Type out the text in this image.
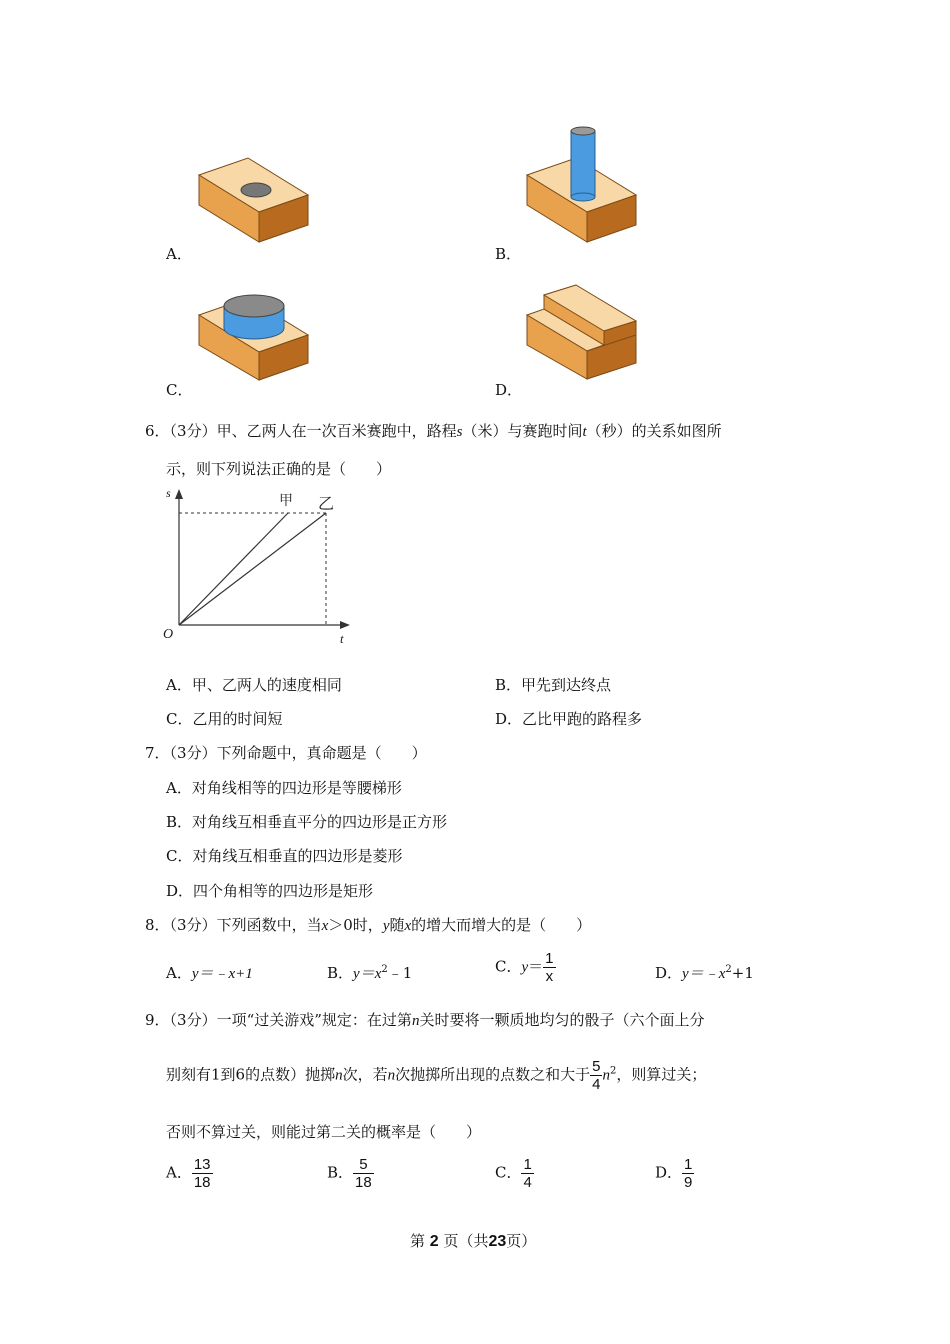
A．	B．
C．	D．
6．（3分）甲、乙两人在一次百米赛跑中，路程s（米）与赛跑时间t（秒）的关系如图所
示，则下列说法正确的是（　　）
s
t
O
甲 乙
A．甲、乙两人的速度相同	B．甲先到达终点
C．乙用的时间短	D．乙比甲跑的路程多
7．（3分）下列命题中，真命题是（　　）
A．对角线相等的四边形是等腰梯形
B．对角线互相垂直平分的四边形是正方形
C．对角线互相垂直的四边形是菱形
D．四个角相等的四边形是矩形
8．（3分）下列函数中，当x＞0时，y随x的增大而增大的是（　　）
A．y＝﹣x+1	B．$y=x^2﹣1$	C．$y= \frac{1}{x}$	D．$y=﹣x^2+1$
9．（3分）一项“过关游戏”规定：在过第n关时要将一颗质地均匀的骰子（六个面上分
别刻有1到6的点数）抛掷n次，若n次抛掷所出现的点数之和大于 $\frac{5}{4} n^2$，则算过关；
否则不算过关，则能过第二关的概率是（　　）
A． $\frac{13}{18}$	B． $\frac{5}{18}$	C． $\frac{1}{4}$	D． $\frac{1}{9}$
第 2 页（共23页）
